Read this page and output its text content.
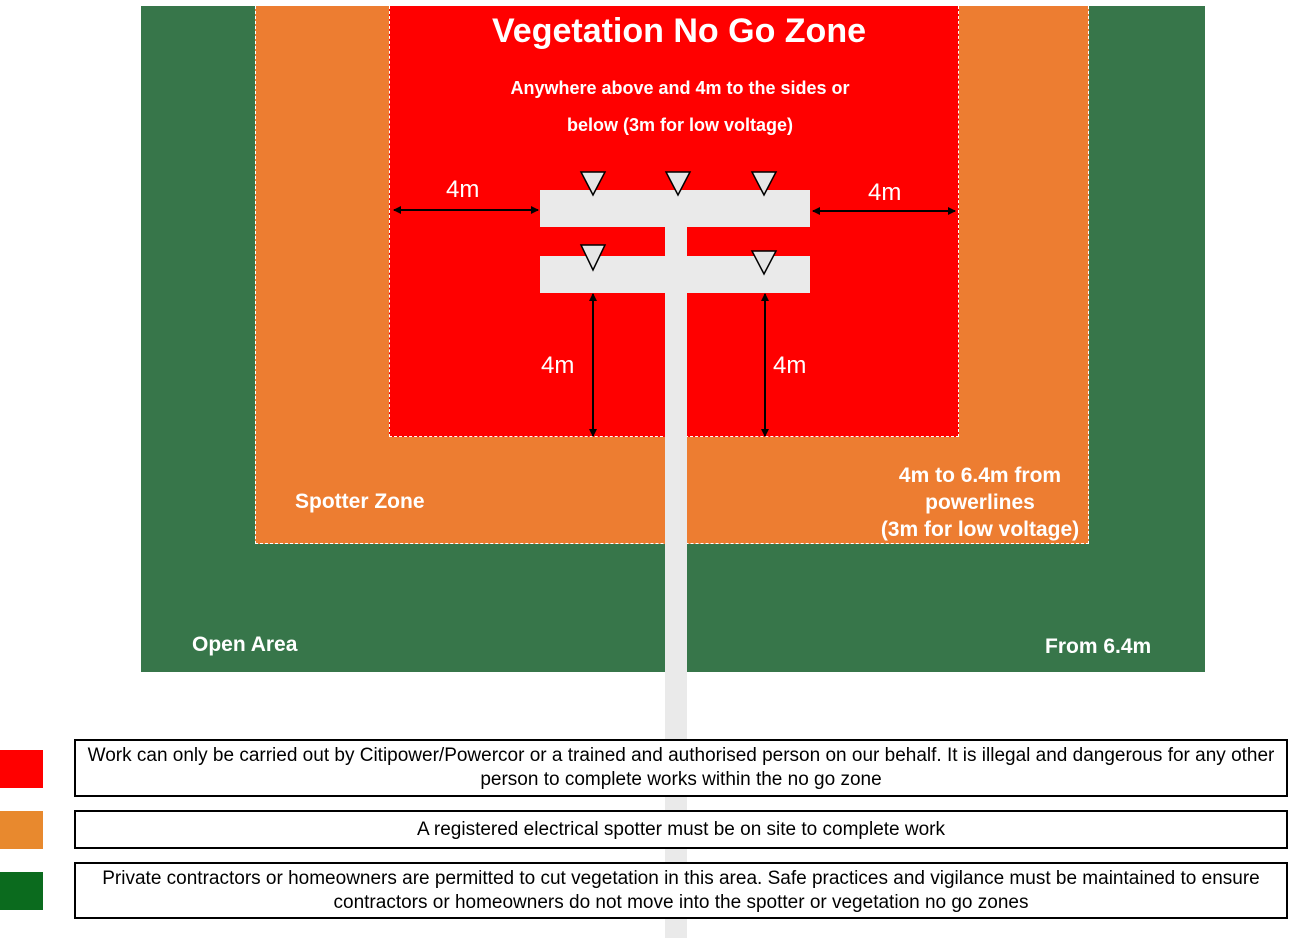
Vegetation No Go Zone
Anywhere above and 4m to the sides or
below (3m for low voltage)
4m	4m
4m	4m
Spotter Zone
4m to 6.4m from
powerlines
(3m for low voltage)
Open Area	From 6.4m
Work can only be carried out by Citipower/Powercor or a trained and authorised person on our behalf. It is illegal and dangerous for any other person to complete works within the no go zone
A registered electrical spotter must be on site to complete work
Private contractors or homeowners are permitted to cut vegetation in this area. Safe practices and vigilance must be maintained to ensure contractors or homeowners do not move into the spotter or vegetation no go zones
